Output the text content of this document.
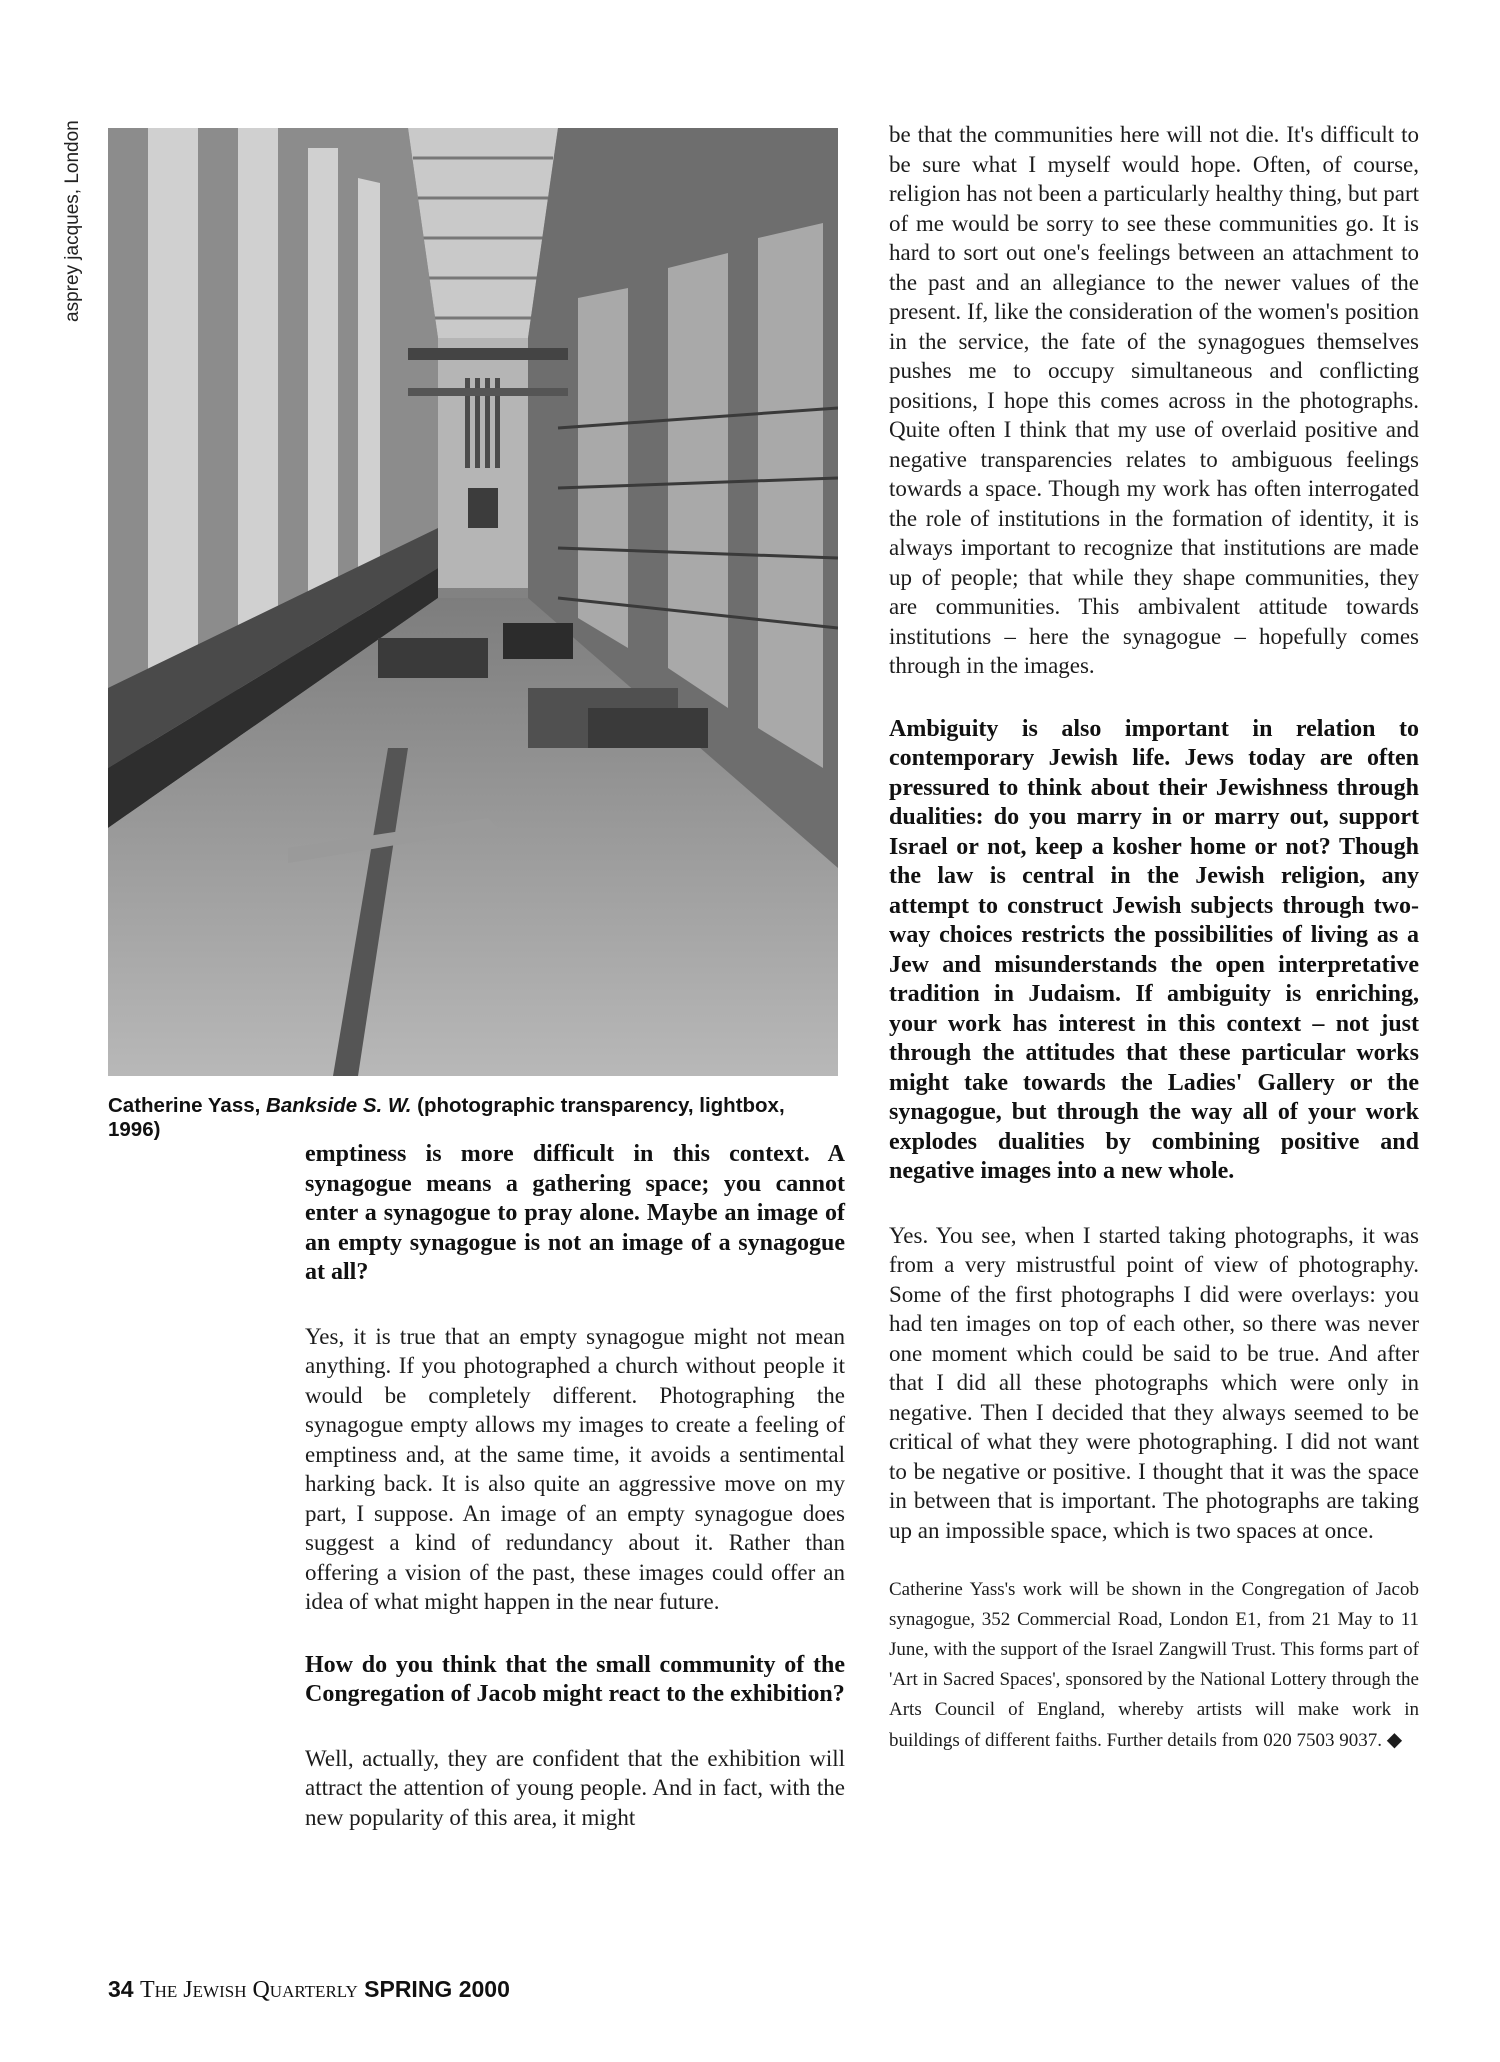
asprey jacques, London
Catherine Yass, Bankside S. W. (photographic transparency, lightbox, 1996)

emptiness is more difficult in this context. A synagogue means a gathering space; you cannot enter a synagogue to pray alone. Maybe an image of an empty synagogue is not an image of a synagogue at all?

Yes, it is true that an empty synagogue might not mean anything. If you photographed a church without people it would be completely different. Photographing the synagogue empty allows my images to create a feeling of emptiness and, at the same time, it avoids a sentimental harking back. It is also quite an aggressive move on my part, I suppose. An image of an empty synagogue does suggest a kind of redundancy about it. Rather than offering a vision of the past, these images could offer an idea of what might happen in the near future.

How do you think that the small community of the Congregation of Jacob might react to the exhibition?

Well, actually, they are confident that the exhibition will attract the attention of young people. And in fact, with the new popularity of this area, it might

be that the communities here will not die. It's difficult to be sure what I myself would hope. Often, of course, religion has not been a particularly healthy thing, but part of me would be sorry to see these communities go. It is hard to sort out one's feelings between an attachment to the past and an allegiance to the newer values of the present. If, like the consideration of the women's position in the service, the fate of the synagogues themselves pushes me to occupy simultaneous and conflicting positions, I hope this comes across in the photographs. Quite often I think that my use of overlaid positive and negative transparencies relates to ambiguous feelings towards a space. Though my work has often interrogated the role of institutions in the formation of identity, it is always important to recognize that institutions are made up of people; that while they shape communities, they are communities. This ambivalent attitude towards institutions – here the synagogue – hopefully comes through in the images.

Ambiguity is also important in relation to contemporary Jewish life. Jews today are often pressured to think about their Jewishness through dualities: do you marry in or marry out, support Israel or not, keep a kosher home or not? Though the law is central in the Jewish religion, any attempt to construct Jewish subjects through two-way choices restricts the possibilities of living as a Jew and misunderstands the open interpretative tradition in Judaism. If ambiguity is enriching, your work has interest in this context – not just through the attitudes that these particular works might take towards the Ladies' Gallery or the synagogue, but through the way all of your work explodes dualities by combining positive and negative images into a new whole.

Yes. You see, when I started taking photographs, it was from a very mistrustful point of view of photography. Some of the first photographs I did were overlays: you had ten images on top of each other, so there was never one moment which could be said to be true. And after that I did all these photographs which were only in negative. Then I decided that they always seemed to be critical of what they were photographing. I did not want to be negative or positive. I thought that it was the space in between that is important. The photographs are taking up an impossible space, which is two spaces at once.

Catherine Yass's work will be shown in the Congregation of Jacob synagogue, 352 Commercial Road, London E1, from 21 May to 11 June, with the support of the Israel Zangwill Trust. This forms part of 'Art in Sacred Spaces', sponsored by the National Lottery through the Arts Council of England, whereby artists will make work in buildings of different faiths. Further details from 020 7503 9037. ◆

34 The Jewish Quarterly SPRING 2000
